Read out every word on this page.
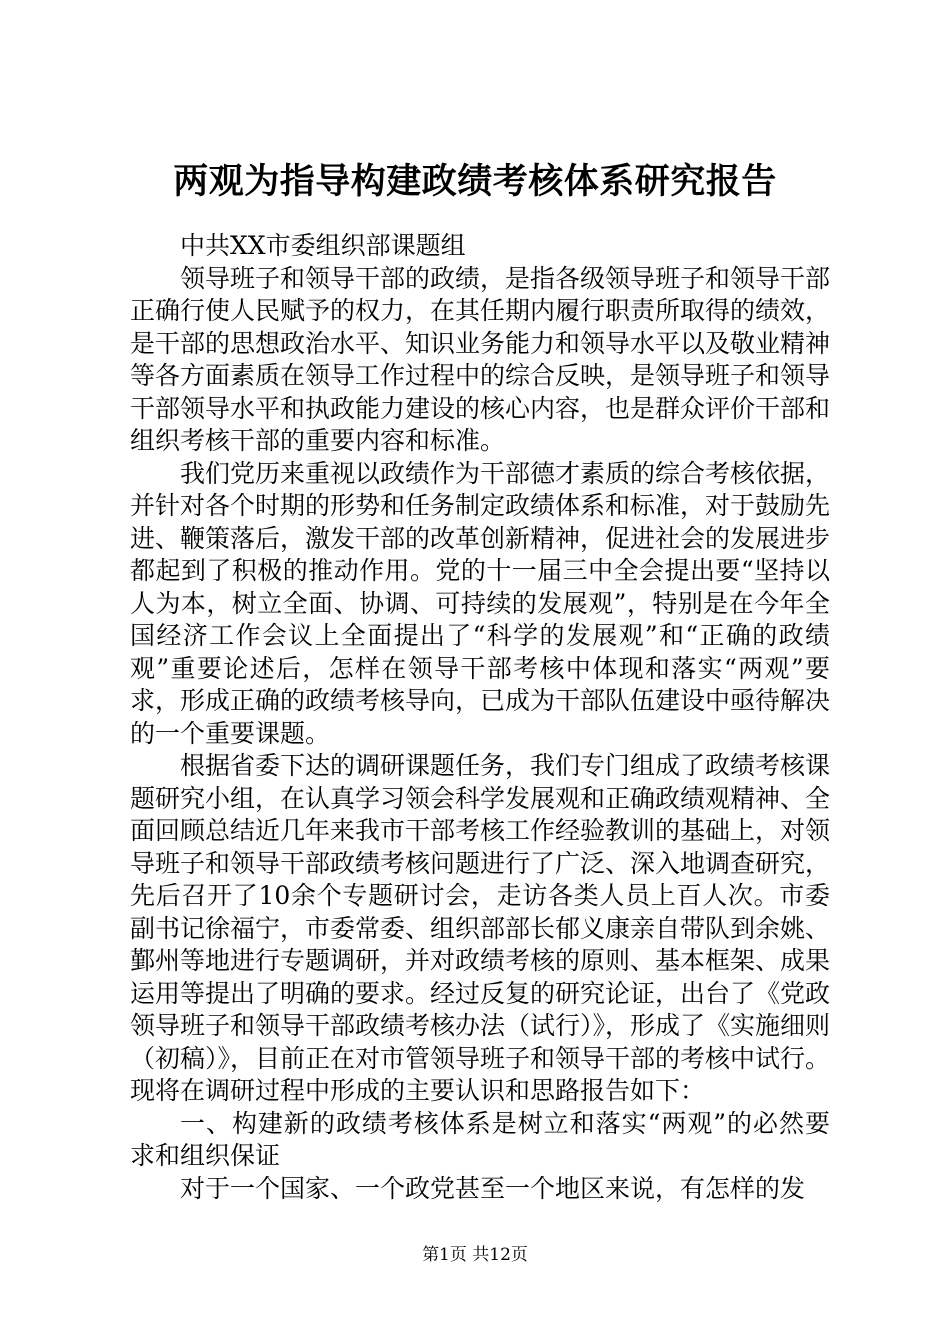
两观为指导构建政绩考核体系研究报告

中共XX市委组织部课题组

领导班子和领导干部的政绩，是指各级领导班子和领导干部正确行使人民赋予的权力，在其任期内履行职责所取得的绩效，是干部的思想政治水平、知识业务能力和领导水平以及敬业精神等各方面素质在领导工作过程中的综合反映，是领导班子和领导干部领导水平和执政能力建设的核心内容，也是群众评价干部和组织考核干部的重要内容和标准。

我们党历来重视以政绩作为干部德才素质的综合考核依据，并针对各个时期的形势和任务制定政绩体系和标准，对于鼓励先进、鞭策落后，激发干部的改革创新精神，促进社会的发展进步都起到了积极的推动作用。党的十一届三中全会提出要“坚持以人为本，树立全面、协调、可持续的发展观”，特别是在今年全国经济工作会议上全面提出了“科学的发展观”和“正确的政绩观”重要论述后，怎样在领导干部考核中体现和落实“两观”要求，形成正确的政绩考核导向，已成为干部队伍建设中亟待解决的一个重要课题。

根据省委下达的调研课题任务，我们专门组成了政绩考核课题研究小组，在认真学习领会科学发展观和正确政绩观精神、全面回顾总结近几年来我市干部考核工作经验教训的基础上，对领导班子和领导干部政绩考核问题进行了广泛、深入地调查研究，先后召开了10余个专题研讨会，走访各类人员上百人次。市委副书记徐福宁，市委常委、组织部部长郁义康亲自带队到余姚、鄞州等地进行专题调研，并对政绩考核的原则、基本框架、成果运用等提出了明确的要求。经过反复的研究论证，出台了《党政领导班子和领导干部政绩考核办法（试行）》，形成了《实施细则（初稿）》，目前正在对市管领导班子和领导干部的考核中试行。现将在调研过程中形成的主要认识和思路报告如下：

一、构建新的政绩考核体系是树立和落实“两观”的必然要求和组织保证

对于一个国家、一个政党甚至一个地区来说，有怎样的发

第1页 共12页
